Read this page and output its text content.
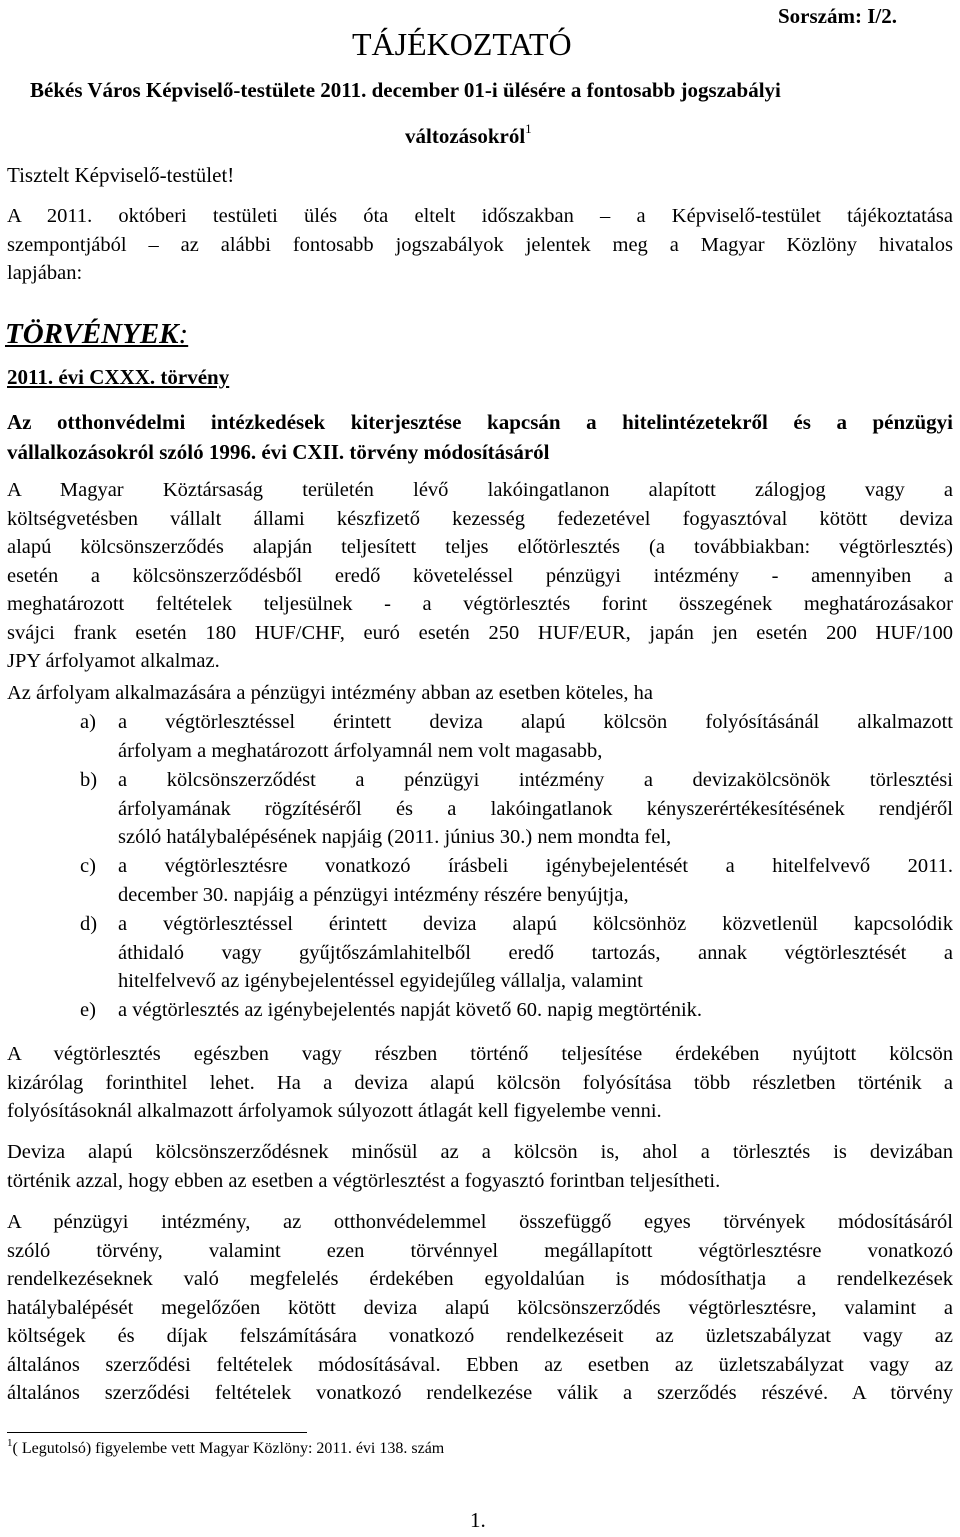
Sorszám: I/2.
TÁJÉKOZTATÓ
Békés Város Képviselő-testülete 2011. december 01-i ülésére a fontosabb jogszabályi
változásokról$^1$
Tisztelt Képviselő-testület!
A 2011. októberi testületi ülés óta eltelt időszakban – a Képviselő-testület tájékoztatása
szempontjából – az alábbi fontosabb jogszabályok jelentek meg a Magyar Közlöny hivatalos
lapjában:
TÖRVÉNYEK:
2011. évi CXXX. törvény
Az otthonvédelmi intézkedések kiterjesztése kapcsán a hitelintézetekről és a pénzügyi
vállalkozásokról szóló 1996. évi CXII. törvény módosításáról
A Magyar Köztársaság területén lévő lakóingatlanon alapított zálogjog vagy a
költségvetésben vállalt állami készfizető kezesség fedezetével fogyasztóval kötött deviza
alapú kölcsönszerződés alapján teljesített teljes előtörlesztés (a továbbiakban: végtörlesztés)
esetén a kölcsönszerződésből eredő követeléssel pénzügyi intézmény - amennyiben a
meghatározott feltételek teljesülnek - a végtörlesztés forint összegének meghatározásakor
svájci frank esetén 180 HUF/CHF, euró esetén 250 HUF/EUR, japán jen esetén 200 HUF/100
JPY árfolyamot alkalmaz.
Az árfolyam alkalmazására a pénzügyi intézmény abban az esetben köteles, ha
a) a végtörlesztéssel érintett deviza alapú kölcsön folyósításánál alkalmazott
árfolyam a meghatározott árfolyamnál nem volt magasabb,
b) a kölcsönszerződést a pénzügyi intézmény a devizakölcsönök törlesztési
árfolyamának rögzítéséről és a lakóingatlanok kényszerértékesítésének rendjéről
szóló hatálybalépésének napjáig (2011. június 30.) nem mondta fel,
c) a végtörlesztésre vonatkozó írásbeli igénybejelentését a hitelfelvevő 2011.
december 30. napjáig a pénzügyi intézmény részére benyújtja,
d) a végtörlesztéssel érintett deviza alapú kölcsönhöz közvetlenül kapcsolódik
áthidaló vagy gyűjtőszámlahitelből eredő tartozás, annak végtörlesztését a
hitelfelvevő az igénybejelentéssel egyidejűleg vállalja, valamint
e) a végtörlesztés az igénybejelentés napját követő 60. napig megtörténik.
A végtörlesztés egészben vagy részben történő teljesítése érdekében nyújtott kölcsön
kizárólag forinthitel lehet. Ha a deviza alapú kölcsön folyósítása több részletben történik a
folyósításoknál alkalmazott árfolyamok súlyozott átlagát kell figyelembe venni.
Deviza alapú kölcsönszerződésnek minősül az a kölcsön is, ahol a törlesztés is devizában
történik azzal, hogy ebben az esetben a végtörlesztést a fogyasztó forintban teljesítheti.
A pénzügyi intézmény, az otthonvédelemmel összefüggő egyes törvények módosításáról
szóló törvény, valamint ezen törvénnyel megállapított végtörlesztésre vonatkozó
rendelkezéseknek való megfelelés érdekében egyoldalúan is módosíthatja a rendelkezések
hatálybalépését megelőzően kötött deviza alapú kölcsönszerződés végtörlesztésre, valamint a
költségek és díjak felszámítására vonatkozó rendelkezéseit az üzletszabályzat vagy az
általános szerződési feltételek módosításával. Ebben az esetben az üzletszabályzat vagy az
általános szerződési feltételek vonatkozó rendelkezése válik a szerződés részévé. A törvény
$^1$( Legutolsó) figyelembe vett Magyar Közlöny: 2011. évi 138. szám
1.
